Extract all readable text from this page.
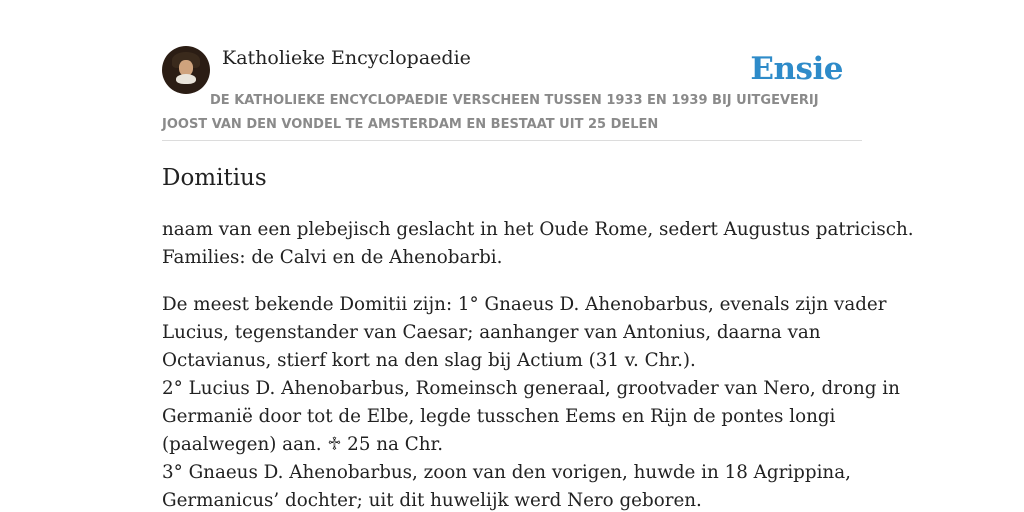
Katholieke Encyclopaedie	Ensie
DE KATHOLIEKE ENCYCLOPAEDIE VERSCHEEN TUSSEN 1933 EN 1939 BIJ UITGEVERIJ JOOST VAN DEN VONDEL TE AMSTERDAM EN BESTAAT UIT 25 DELEN
Domitius

naam van een plebejisch geslacht in het Oude Rome, sedert Augustus patricisch.
Families: de Calvi en de Ahenobarbi.

De meest bekende Domitii zijn: 1° Gnaeus D. Ahenobarbus, evenals zijn vader
Lucius, tegenstander van Caesar; aanhanger van Antonius, daarna van
Octavianus, stierf kort na den slag bij Actium (31 v. Chr.).
2° Lucius D. Ahenobarbus, Romeinsch generaal, grootvader van Nero, drong in
Germanië door tot de Elbe, legde tusschen Eems en Rijn de pontes longi
(paalwegen) aan. ♱ 25 na Chr.
3° Gnaeus D. Ahenobarbus, zoon van den vorigen, huwde in 18 Agrippina,
Germanicus’ dochter; uit dit huwelijk werd Nero geboren.
